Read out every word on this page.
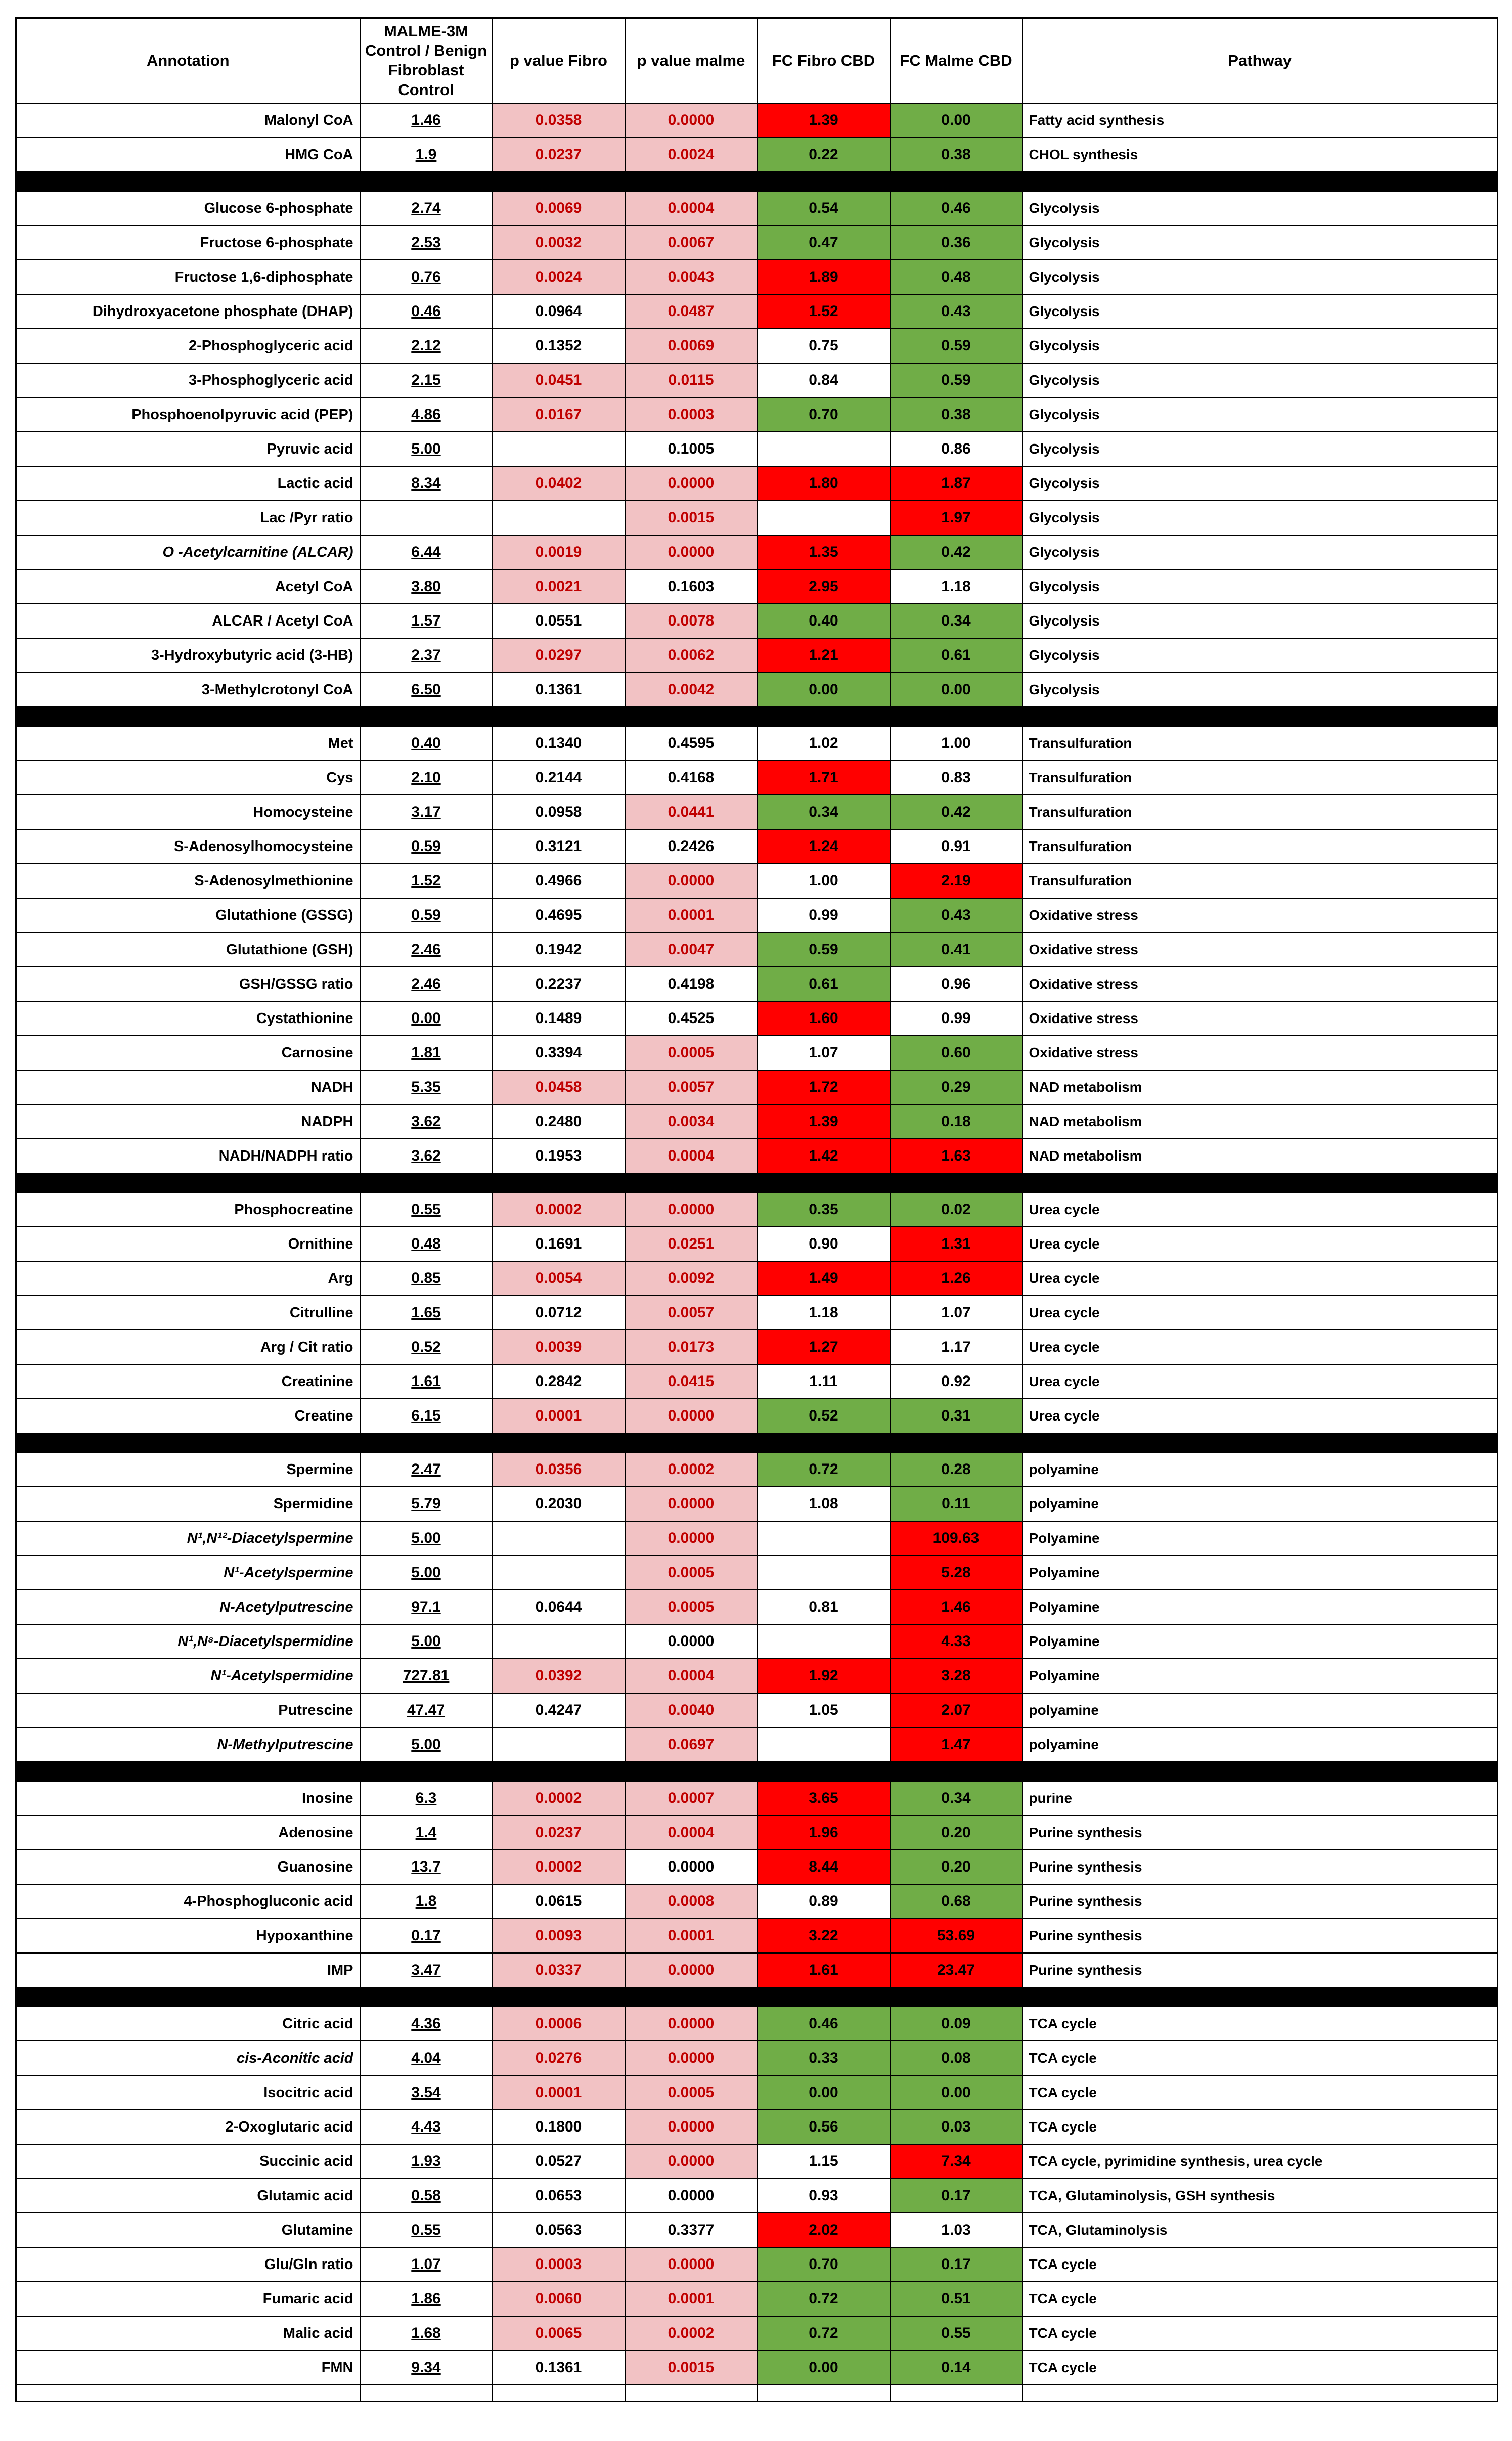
Annotation	MALME-3M Control / Benign Fibroblast Control	p value Fibro	p value malme	FC Fibro CBD	FC Malme CBD	Pathway
Malonyl CoA	1.46	0.0358	0.0000	1.39	0.00	Fatty acid synthesis
HMG CoA	1.9	0.0237	0.0024	0.22	0.38	CHOL synthesis

Glucose 6-phosphate	2.74	0.0069	0.0004	0.54	0.46	Glycolysis
Fructose 6-phosphate	2.53	0.0032	0.0067	0.47	0.36	Glycolysis
Fructose 1,6-diphosphate	0.76	0.0024	0.0043	1.89	0.48	Glycolysis
Dihydroxyacetone phosphate (DHAP)	0.46	0.0964	0.0487	1.52	0.43	Glycolysis
2-Phosphoglyceric acid	2.12	0.1352	0.0069	0.75	0.59	Glycolysis
3-Phosphoglyceric acid	2.15	0.0451	0.0115	0.84	0.59	Glycolysis
Phosphoenolpyruvic acid (PEP)	4.86	0.0167	0.0003	0.70	0.38	Glycolysis
Pyruvic acid	5.00		0.1005		0.86	Glycolysis
Lactic acid	8.34	0.0402	0.0000	1.80	1.87	Glycolysis
Lac /Pyr ratio			0.0015		1.97	Glycolysis
O -Acetylcarnitine (ALCAR)	6.44	0.0019	0.0000	1.35	0.42	Glycolysis
Acetyl CoA	3.80	0.0021	0.1603	2.95	1.18	Glycolysis
ALCAR / Acetyl CoA	1.57	0.0551	0.0078	0.40	0.34	Glycolysis
3-Hydroxybutyric acid (3-HB)	2.37	0.0297	0.0062	1.21	0.61	Glycolysis
3-Methylcrotonyl CoA	6.50	0.1361	0.0042	0.00	0.00	Glycolysis

Met	0.40	0.1340	0.4595	1.02	1.00	Transulfuration
Cys	2.10	0.2144	0.4168	1.71	0.83	Transulfuration
Homocysteine	3.17	0.0958	0.0441	0.34	0.42	Transulfuration
S-Adenosylhomocysteine	0.59	0.3121	0.2426	1.24	0.91	Transulfuration
S-Adenosylmethionine	1.52	0.4966	0.0000	1.00	2.19	Transulfuration
Glutathione (GSSG)	0.59	0.4695	0.0001	0.99	0.43	Oxidative stress
Glutathione (GSH)	2.46	0.1942	0.0047	0.59	0.41	Oxidative stress
GSH/GSSG ratio	2.46	0.2237	0.4198	0.61	0.96	Oxidative stress
Cystathionine	0.00	0.1489	0.4525	1.60	0.99	Oxidative stress
Carnosine	1.81	0.3394	0.0005	1.07	0.60	Oxidative stress
NADH	5.35	0.0458	0.0057	1.72	0.29	NAD metabolism
NADPH	3.62	0.2480	0.0034	1.39	0.18	NAD metabolism
NADH/NADPH ratio	3.62	0.1953	0.0004	1.42	1.63	NAD metabolism

Phosphocreatine	0.55	0.0002	0.0000	0.35	0.02	Urea cycle
Ornithine	0.48	0.1691	0.0251	0.90	1.31	Urea cycle
Arg	0.85	0.0054	0.0092	1.49	1.26	Urea cycle
Citrulline	1.65	0.0712	0.0057	1.18	1.07	Urea cycle
Arg / Cit ratio	0.52	0.0039	0.0173	1.27	1.17	Urea cycle
Creatinine	1.61	0.2842	0.0415	1.11	0.92	Urea cycle
Creatine	6.15	0.0001	0.0000	0.52	0.31	Urea cycle

Spermine	2.47	0.0356	0.0002	0.72	0.28	polyamine
Spermidine	5.79	0.2030	0.0000	1.08	0.11	polyamine
N¹,N¹²-Diacetylspermine	5.00		0.0000		109.63	Polyamine
N¹-Acetylspermine	5.00		0.0005		5.28	Polyamine
N-Acetylputrescine	97.1	0.0644	0.0005	0.81	1.46	Polyamine
N¹,N⁸-Diacetylspermidine	5.00		0.0000		4.33	Polyamine
N¹-Acetylspermidine	727.81	0.0392	0.0004	1.92	3.28	Polyamine
Putrescine	47.47	0.4247	0.0040	1.05	2.07	polyamine
N-Methylputrescine	5.00		0.0697		1.47	polyamine

Inosine	6.3	0.0002	0.0007	3.65	0.34	purine
Adenosine	1.4	0.0237	0.0004	1.96	0.20	Purine synthesis
Guanosine	13.7	0.0002	0.0000	8.44	0.20	Purine synthesis
4-Phosphogluconic acid	1.8	0.0615	0.0008	0.89	0.68	Purine synthesis
Hypoxanthine	0.17	0.0093	0.0001	3.22	53.69	Purine synthesis
IMP	3.47	0.0337	0.0000	1.61	23.47	Purine synthesis

Citric acid	4.36	0.0006	0.0000	0.46	0.09	TCA cycle
cis-Aconitic acid	4.04	0.0276	0.0000	0.33	0.08	TCA cycle
Isocitric acid	3.54	0.0001	0.0005	0.00	0.00	TCA cycle
2-Oxoglutaric acid	4.43	0.1800	0.0000	0.56	0.03	TCA cycle
Succinic acid	1.93	0.0527	0.0000	1.15	7.34	TCA cycle, pyrimidine synthesis, urea cycle
Glutamic acid	0.58	0.0653	0.0000	0.93	0.17	TCA, Glutaminolysis, GSH synthesis
Glutamine	0.55	0.0563	0.3377	2.02	1.03	TCA, Glutaminolysis
Glu/Gln ratio	1.07	0.0003	0.0000	0.70	0.17	TCA cycle
Fumaric acid	1.86	0.0060	0.0001	0.72	0.51	TCA cycle
Malic acid	1.68	0.0065	0.0002	0.72	0.55	TCA cycle
FMN	9.34	0.1361	0.0015	0.00	0.14	TCA cycle
